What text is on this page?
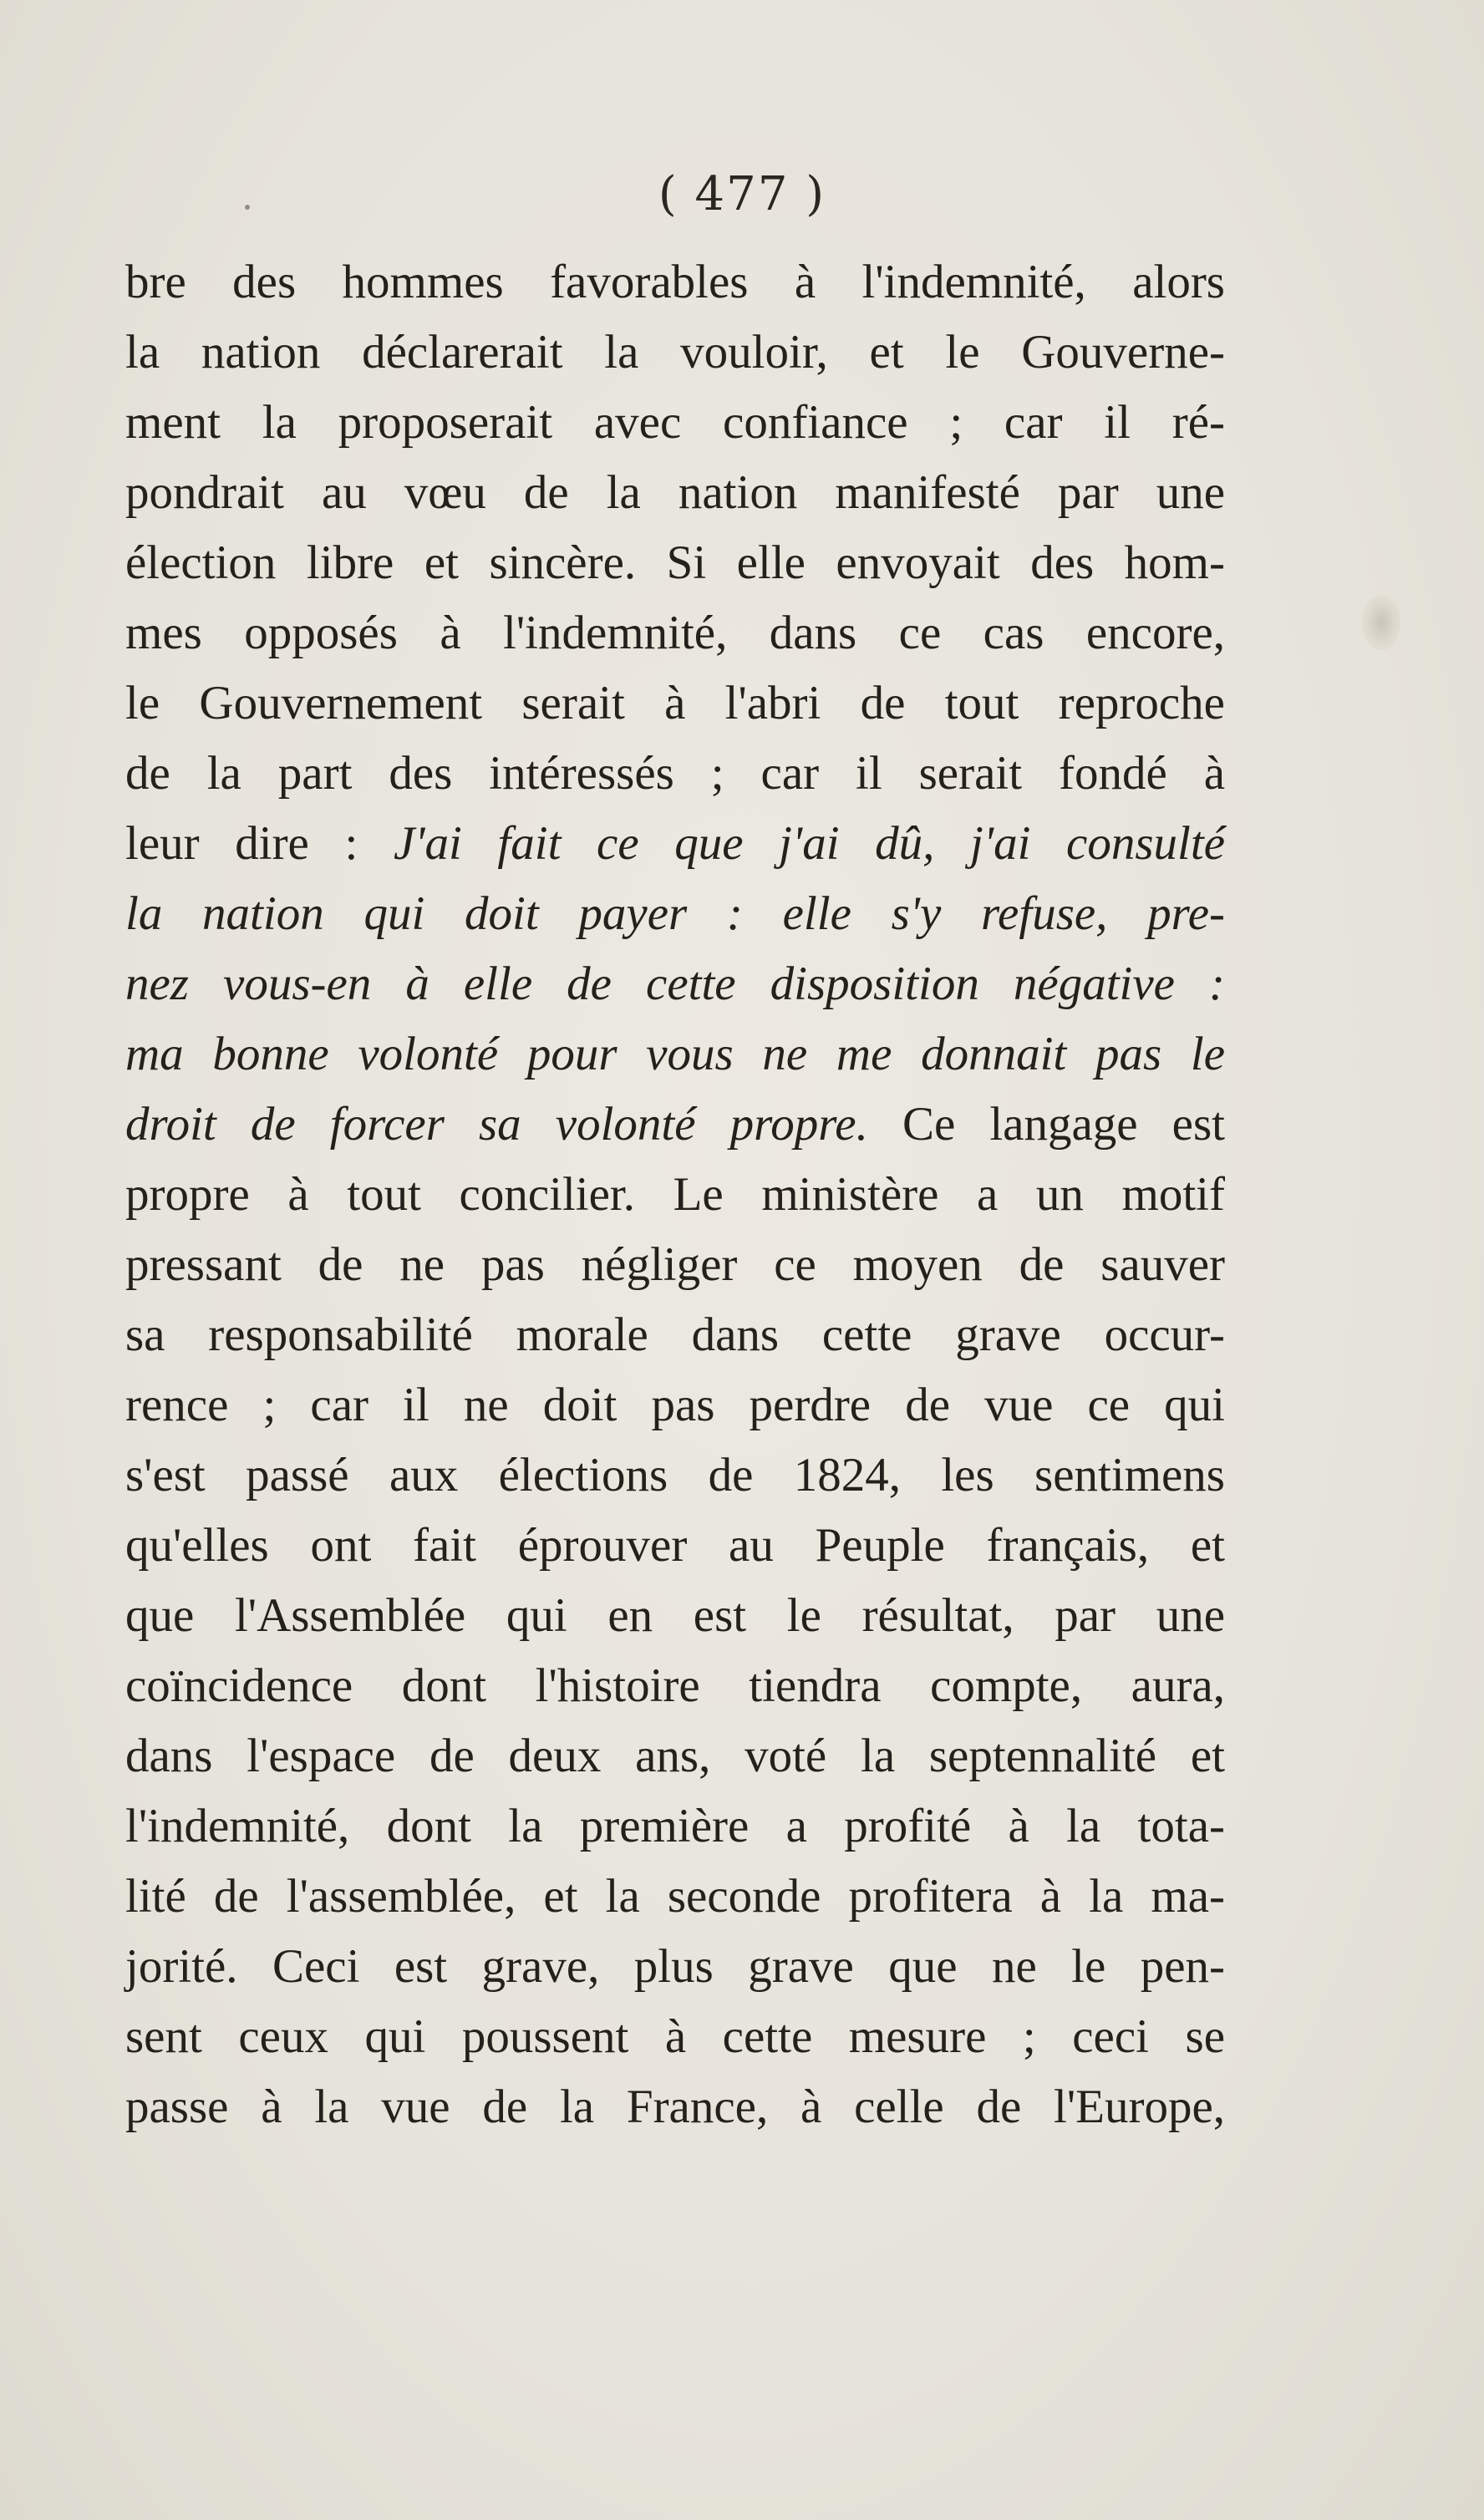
( 477 )
bre des hommes favorables à l'indemnité, alors
la nation déclarerait la vouloir, et le Gouverne-
ment la proposerait avec confiance ; car il ré-
pondrait au vœu de la nation manifesté par une
élection libre et sincère. Si elle envoyait des hom-
mes opposés à l'indemnité, dans ce cas encore,
le Gouvernement serait à l'abri de tout reproche
de la part des intéressés ; car il serait fondé à
leur dire : J'ai fait ce que j'ai dû, j'ai consulté
la nation qui doit payer : elle s'y refuse, pre-
nez vous-en à elle de cette disposition négative :
ma bonne volonté pour vous ne me donnait pas le
droit de forcer sa volonté propre. Ce langage est
propre à tout concilier. Le ministère a un motif
pressant de ne pas négliger ce moyen de sauver
sa responsabilité morale dans cette grave occur-
rence ; car il ne doit pas perdre de vue ce qui
s'est passé aux élections de 1824, les sentimens
qu'elles ont fait éprouver au Peuple français, et
que l'Assemblée qui en est le résultat, par une
coïncidence dont l'histoire tiendra compte, aura,
dans l'espace de deux ans, voté la septennalité et
l'indemnité, dont la première a profité à la tota-
lité de l'assemblée, et la seconde profitera à la ma-
jorité. Ceci est grave, plus grave que ne le pen-
sent ceux qui poussent à cette mesure ; ceci se
passe à la vue de la France, à celle de l'Europe,
